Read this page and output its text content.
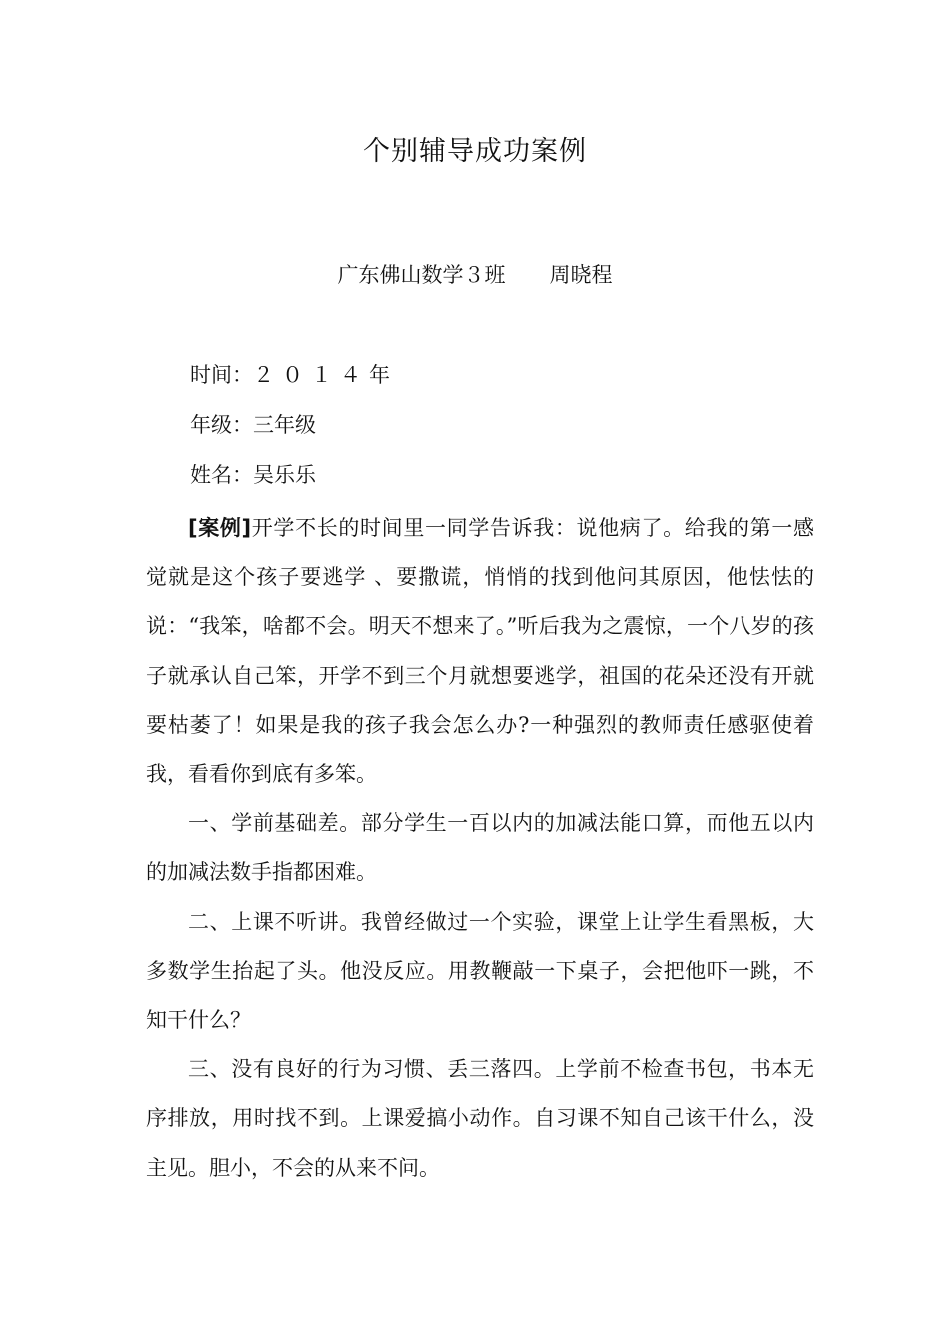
个别辅导成功案例
广东佛山数学３班 周晓程
时间：２０１４年
年级：三年级
姓名：吴乐乐

[案例]开学不长的时间里一同学告诉我：说他病了。给我的第一感觉就是这个孩子要逃学 、要撒谎，悄悄的找到他问其原因，他怯怯的说：“我笨，啥都不会。明天不想来了。”听后我为之震惊，一个八岁的孩子就承认自己笨，开学不到三个月就想要逃学，祖国的花朵还没有开就要枯萎了！如果是我的孩子我会怎么办?一种强烈的教师责任感驱使着我，看看你到底有多笨。

一、学前基础差。部分学生一百以内的加减法能口算，而他五以内的加减法数手指都困难。

二、上课不听讲。我曾经做过一个实验，课堂上让学生看黑板，大多数学生抬起了头。他没反应。用教鞭敲一下桌子，会把他吓一跳，不知干什么？

三、没有良好的行为习惯、丢三落四。上学前不检查书包，书本无序排放，用时找不到。上课爱搞小动作。自习课不知自己该干什么，没主见。胆小，不会的从来不问。
